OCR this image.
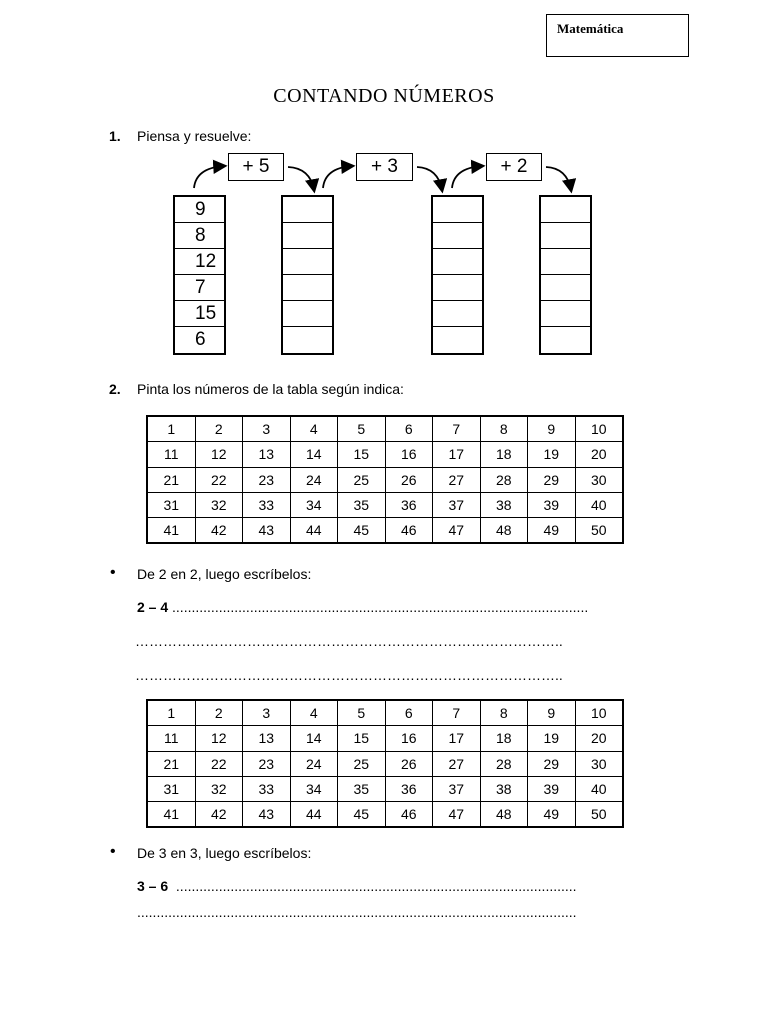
Matemática
CONTANDO NÚMEROS
1. Piensa y resuelve:
+ 5	+ 3	+ 2
9
8
12
7
15
6
2. Pinta los números de la tabla según indica:
1	2	3	4	5	6	7	8	9	10
11	12	13	14	15	16	17	18	19	20
21	22	23	24	25	26	27	28	29	30
31	32	33	34	35	36	37	38	39	40
41	42	43	44	45	46	47	48	49	50
• De 2 en 2, luego escríbelos:
2 – 4 ...........................................................................................................
………………………………………………………………………………..
………………………………………………………………………………..
1	2	3	4	5	6	7	8	9	10
11	12	13	14	15	16	17	18	19	20
21	22	23	24	25	26	27	28	29	30
31	32	33	34	35	36	37	38	39	40
41	42	43	44	45	46	47	48	49	50
• De 3 en 3, luego escríbelos:
3 – 6 .......................................................................................................
.................................................................................................................
